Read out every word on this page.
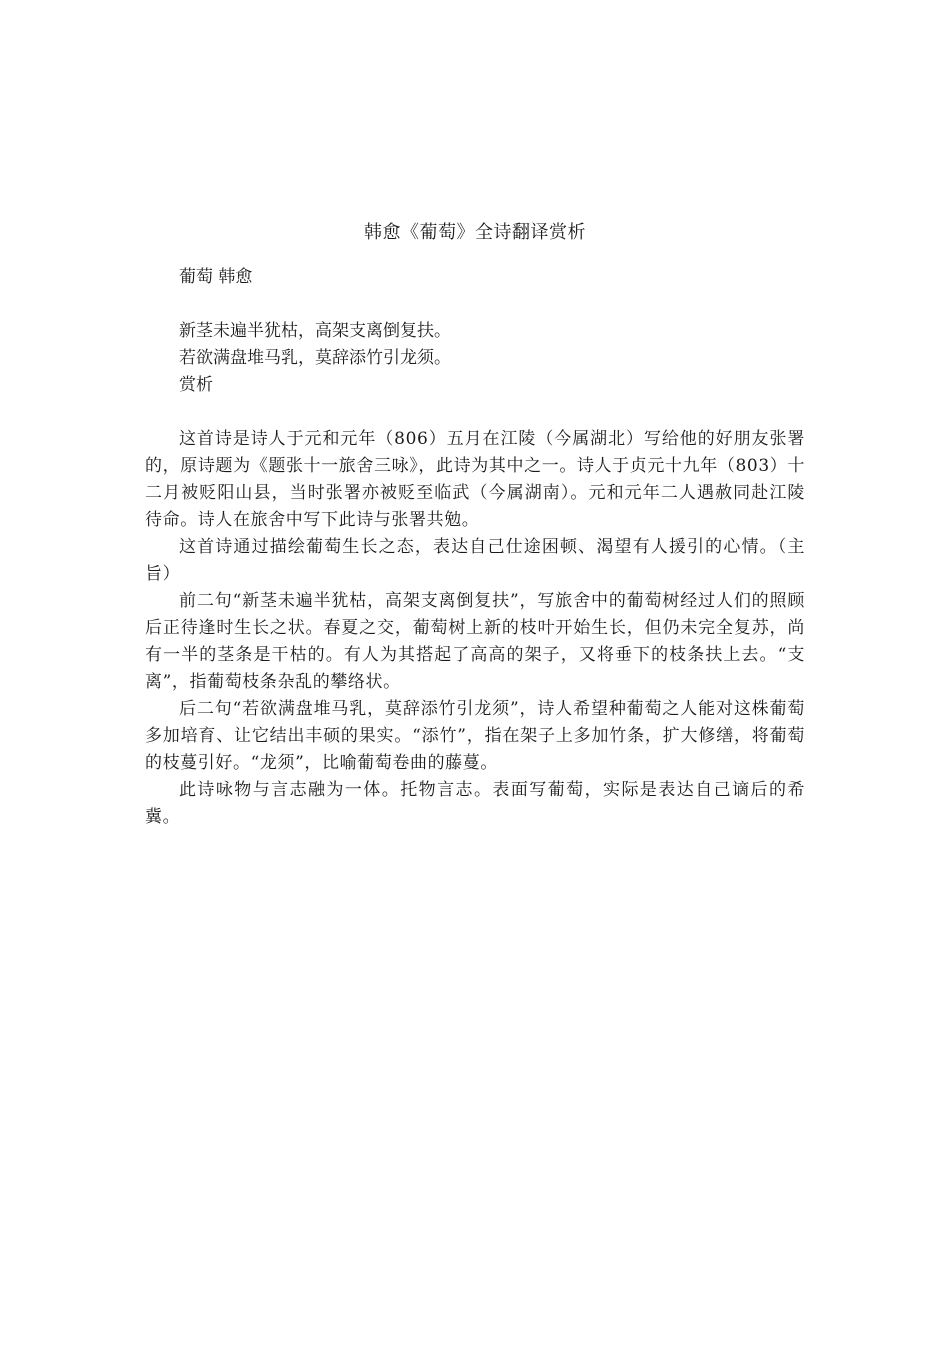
韩愈《葡萄》全诗翻译赏析
葡萄 韩愈

新茎未遍半犹枯，高架支离倒复扶。

若欲满盘堆马乳，莫辞添竹引龙须。

赏析

这首诗是诗人于元和元年（806）五月在江陵（今属湖北）写给他的好朋友张署的，原诗题为《题张十一旅舍三咏》，此诗为其中之一。诗人于贞元十九年（803）十二月被贬阳山县，当时张署亦被贬至临武（今属湖南）。元和元年二人遇赦同赴江陵待命。诗人在旅舍中写下此诗与张署共勉。

这首诗通过描绘葡萄生长之态，表达自己仕途困顿、渴望有人援引的心情。（主旨）

前二句“新茎未遍半犹枯，高架支离倒复扶”，写旅舍中的葡萄树经过人们的照顾后正待逢时生长之状。春夏之交，葡萄树上新的枝叶开始生长，但仍未完全复苏，尚有一半的茎条是干枯的。有人为其搭起了高高的架子，又将垂下的枝条扶上去。“支离”，指葡萄枝条杂乱的攀络状。

后二句“若欲满盘堆马乳，莫辞添竹引龙须”，诗人希望种葡萄之人能对这株葡萄多加培育、让它结出丰硕的果实。“添竹”，指在架子上多加竹条，扩大修缮，将葡萄的枝蔓引好。“龙须”，比喻葡萄卷曲的藤蔓。

此诗咏物与言志融为一体。托物言志。表面写葡萄，实际是表达自己谪后的希冀。
